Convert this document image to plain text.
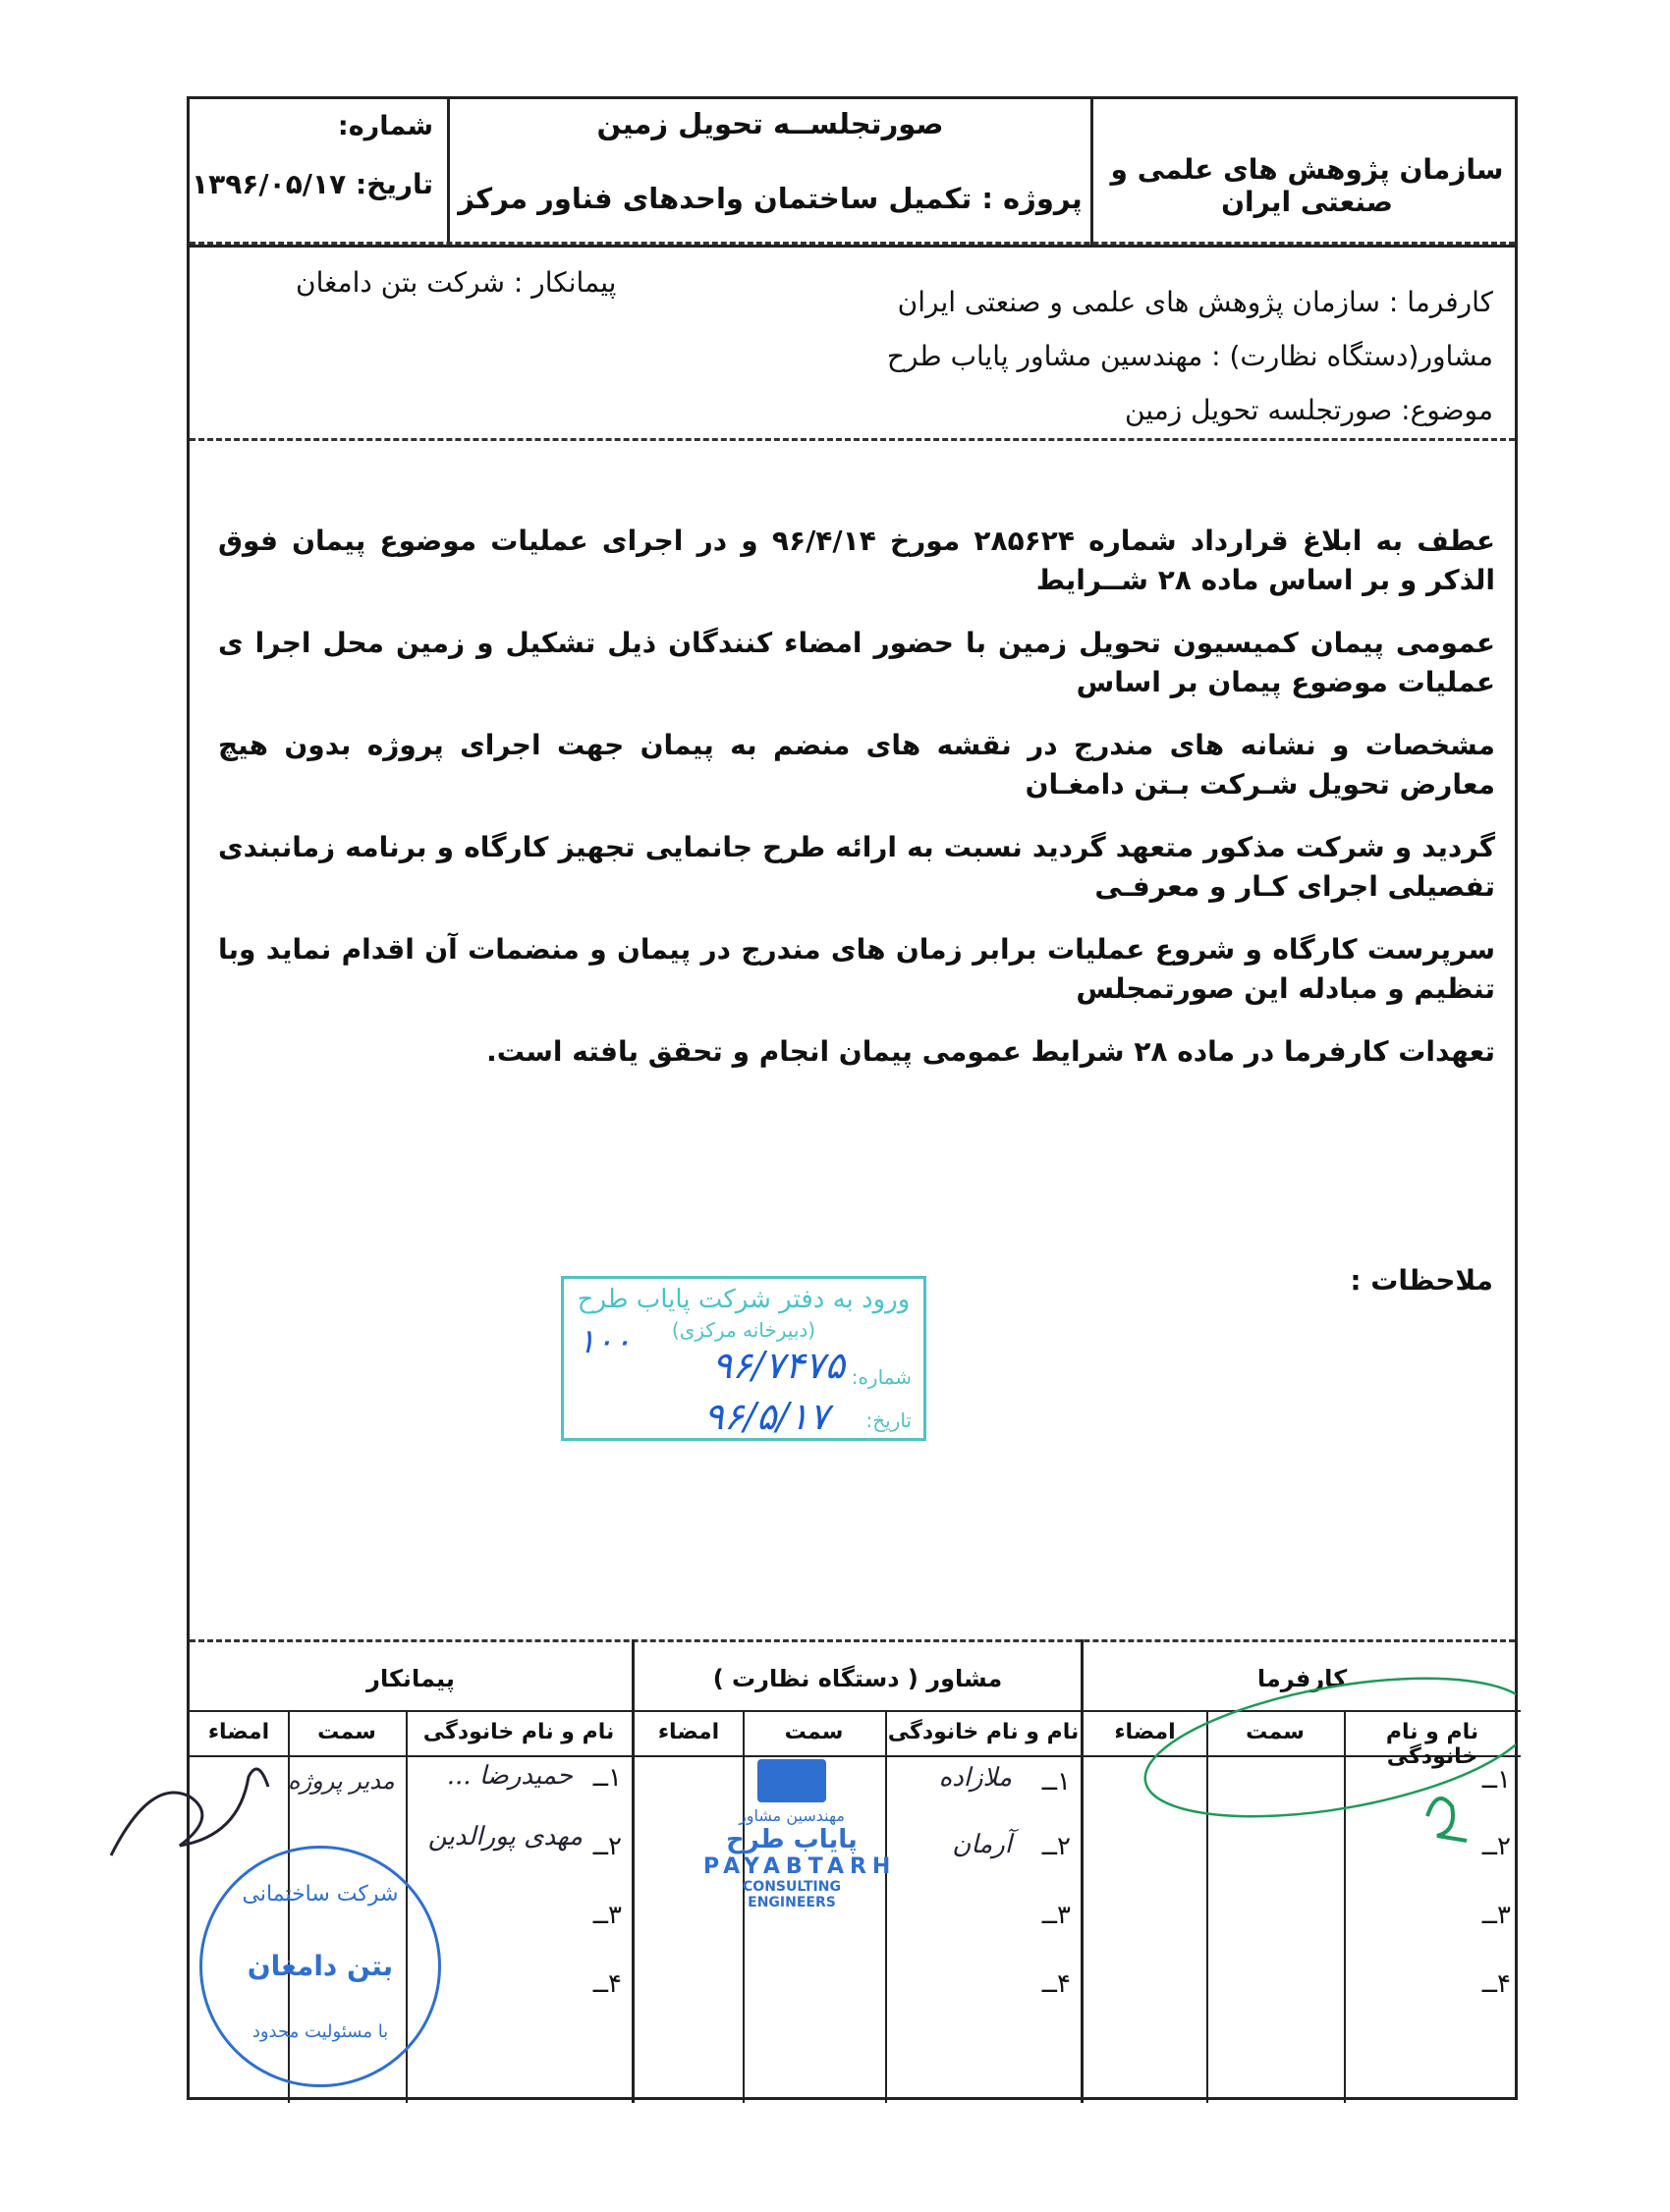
شماره:
تاریخ: ۱۳۹۶/۰۵/۱۷
صورتجلســه تحویل زمین
پروژه : تکمیل ساختمان واحدهای فناور مرکز
سازمان پژوهش های علمی و صنعتی ایران
کارفرما : سازمان پژوهش های علمی و صنعتی ایران
پیمانکار : شرکت بتن دامغان
مشاور(دستگاه نظارت) : مهندسین مشاور پایاب طرح
موضوع: صورتجلسه تحویل زمین

عطف به ابلاغ قرارداد شماره ۲۸۵۶۲۴ مورخ ۹۶/۴/۱۴ و در اجرای عملیات موضوع پیمان فوق الذکر و بر اساس ماده ۲۸ شــرایط

عمومی پیمان کمیسیون تحویل زمین با حضور امضاء کنندگان ذیل تشکیل و زمین محل اجرا ی عملیات موضوع پیمان بر اساس

مشخصات و نشانه های مندرج در نقشه های منضم به پیمان جهت اجرای پروژه بدون هیچ معارض تحویل شـرکت بـتن دامغـان

گردید و شرکت مذکور متعهد گردید نسبت به ارائه طرح جانمایی تجهیز کارگاه و برنامه زمانبندی تفصیلی اجرای کـار و معرفـی

سرپرست کارگاه و شروع عملیات برابر زمان های مندرج در پیمان و منضمات آن اقدام نماید وبا تنظیم و مبادله این صورتمجلس

تعهدات کارفرما در ماده ۲۸ شرایط عمومی پیمان انجام و تحقق یافته است.

ملاحظات :
ورود به دفتر شرکت پایاب طرح
(دبیرخانه مرکزی)
شماره:
تاریخ:
۹۶/۷۴۷۵
۱۰۰
۹۶/۵/۱۷
کارفرما
نام و نام خانودگی
سمت
امضاء
۱ــ
۲ــ
۳ــ
۴ــ
مشاور ( دستگاه نظارت )
نام و نام خانودگی
سمت
امضاء
۱ــ
۲ــ
۳ــ
۴ــ
ملازاده
آرمان
مهندسین مشاور
پایاب طرح
PAYABTARH
CONSULTING ENGINEERS
پیمانکار
نام و نام خانودگی
سمت
امضاء
۱ــ
۲ــ
۳ــ
۴ــ
حمیدرضا ...
مهدی پورالدین
مدیر پروژه
شرکت ساختمانی
بتن دامغان
با مسئولیت محدود
